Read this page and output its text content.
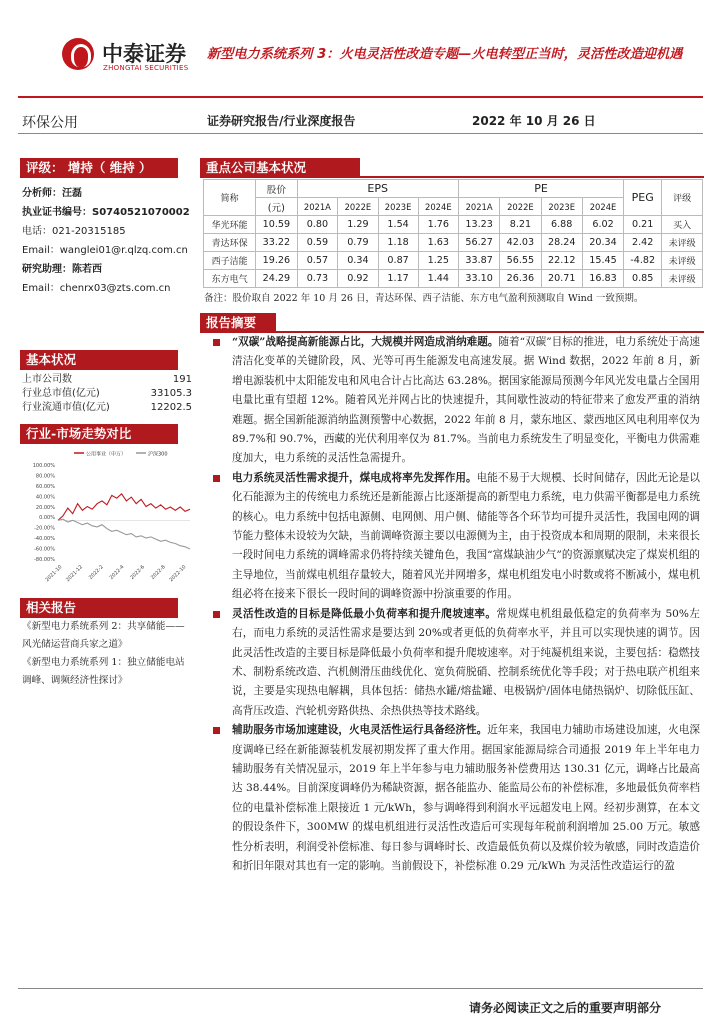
中泰证券
ZHONGTAI SECURITIES
新型电力系统系列 3：火电灵活性改造专题—火电转型正当时，灵活性改造迎机遇
环保公用	证券研究报告/行业深度报告	2022 年 10 月 26 日
评级： 增持（ 维持 ）
分析师： 汪磊
执业证书编号： S0740521070002
电话： 021-20315185
Email： wanglei01@r.qlzq.com.cn
研究助理： 陈若西
Email： chenrx03@zts.com.cn
基本状况
上市公司数	191
行业总市值(亿元)	33105.3
行业流通市值(亿元)	12202.5
行业-市场走势对比
公用事业（申万）	沪深300
100.00%
80.00%
60.00%
40.00%
20.00%
0.00%
-20.00%
-40.00%
-60.00%
-80.00%
2021-10 2021-12 2022-2 2022-4 2022-6 2022-8 2022-10
相关报告
《新型电力系统系列 2：共享储能——风光储运营商兵家之道》
《新型电力系统系列 1：独立储能电站调峰、调频经济性探讨》
重点公司基本状况
简称	股价	EPS				PE				PEG	评级
	(元)	2021A	2022E	2023E	2024E	2021A	2022E	2023E	2024E		
华光环能	10.59	0.80	1.29	1.54	1.76	13.23	8.21	6.88	6.02	0.21	买入
青达环保	33.22	0.59	0.79	1.18	1.63	56.27	42.03	28.24	20.34	2.42	未评级
西子洁能	19.26	0.57	0.34	0.87	1.25	33.87	56.55	22.12	15.45	-4.82	未评级
东方电气	24.29	0.73	0.92	1.17	1.44	33.10	26.36	20.71	16.83	0.85	未评级
备注：股价取自 2022 年 10 月 26 日，青达环保、西子洁能、东方电气盈利预测取自 Wind 一致预期。
报告摘要
“双碳”战略提高新能源占比，大规模并网造成消纳难题。随着“双碳”目标的推进，电力系统处于高速清洁化变革的关键阶段，风、光等可再生能源发电高速发展。据 Wind 数据，2022 年前 8 月，新增电源装机中太阳能发电和风电合计占比高达 63.28%。据国家能源局预测今年风光发电量占全国用电量比重有望超 12%。随着风光并网占比的快速提升，其间歇性波动的特征带来了愈发严重的消纳难题。据全国新能源消纳监测预警中心数据，2022 年前 8 月，蒙东地区、蒙西地区风电利用率仅为 89.7%和 90.7%，西藏的光伏利用率仅为 81.7%。当前电力系统发生了明显变化，平衡电力供需难度加大，电力系统的灵活性急需提升。
电力系统灵活性需求提升，煤电成将率先发挥作用。电能不易于大规模、长时间储存，因此无论是以化石能源为主的传统电力系统还是新能源占比逐渐提高的新型电力系统，电力供需平衡都是电力系统的核心。电力系统中包括电源侧、电网侧、用户侧、储能等各个环节均可提升灵活性，我国电网的调节能力整体未设较为欠缺，当前调峰资源主要以电源侧为主，由于投资成本和周期的限制，未来很长一段时间电力系统的调峰需求仍将持续关键角色，我国“富煤缺油少气”的资源禀赋决定了煤炭机组的主导地位，当前煤电机组存量较大，随着风光并网增多，煤电机组发电小时数或将不断减小，煤电机组必将在接来下很长一段时间的调峰资源中扮演重要的作用。
灵活性改造的目标是降低最小负荷率和提升爬坡速率。常规煤电机组最低稳定的负荷率为 50%左右，而电力系统的灵活性需求是要达到 20%或者更低的负荷率水平，并且可以实现快速的调节。因此灵活性改造的主要目标是降低最小负荷率和提升爬坡速率。对于纯凝机组来说，主要包括：稳燃技术、制粉系统改造、汽机侧滑压曲线优化、宽负荷脱硝、控制系统优化等手段；对于热电联产机组来说，主要是实现热电解耦，具体包括：储热水罐/熔盐罐、电极锅炉/固体电储热锅炉、切除低压缸、高背压改造、汽轮机旁路供热、余热供热等技术路线。
辅助服务市场加速建设，火电灵活性运行具备经济性。近年来，我国电力辅助市场建设加速，火电深度调峰已经在新能源装机发展初期发挥了重大作用。据国家能源局综合司通报 2019 年上半年电力辅助服务有关情况显示，2019 年上半年参与电力辅助服务补偿费用达 130.31 亿元，调峰占比最高达 38.44%。目前深度调峰仍为稀缺资源，据各能监办、能监局公布的补偿标准，多地最低负荷率档位的电量补偿标准上限接近 1 元/kWh，参与调峰得到利润水平远超发电上网。经初步测算，在本文的假设条件下，300MW 的煤电机组进行灵活性改造后可实现每年税前利润增加 25.00 万元。敏感性分析表明，利润受补偿标准、每日参与调峰时长、改造最低负荷以及煤价较为敏感，同时改造造价和折旧年限对其也有一定的影响。当前假设下，补偿标准 0.29 元/kWh 为灵活性改造运行的盈
请务必阅读正文之后的重要声明部分
